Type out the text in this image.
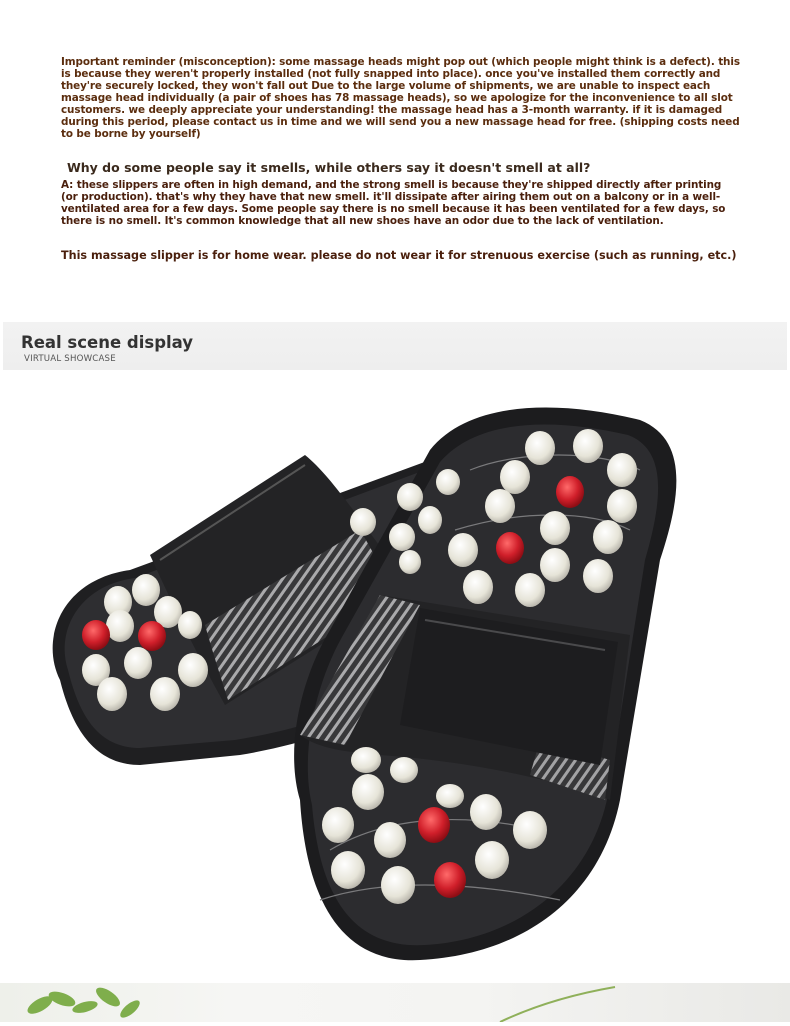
Important reminder (misconception): some massage heads might pop out (which people might think is a defect). this is because they weren't properly installed (not fully snapped into place). once you've installed them correctly and they're securely locked, they won't fall out Due to the large volume of shipments, we are unable to inspect each massage head individually (a pair of shoes has 78 massage heads), so we apologize for the inconvenience to all slot customers. we deeply appreciate your understanding! the massage head has a 3-month warranty. if it is damaged during this period, please contact us in time and we will send you a new massage head for free. (shipping costs need to be borne by yourself)

Why do some people say it smells, while others say it doesn't smell at all?

A: these slippers are often in high demand, and the strong smell is because they're shipped directly after printing (or production). that's why they have that new smell. it'll dissipate after airing them out on a balcony or in a well-ventilated area for a few days. Some people say there is no smell because it has been ventilated for a few days, so there is no smell. It's common knowledge that all new shoes have an odor due to the lack of ventilation.

This massage slipper is for home wear. please do not wear it for strenuous exercise (such as running, etc.)
Real scene display
VIRTUAL SHOWCASE
